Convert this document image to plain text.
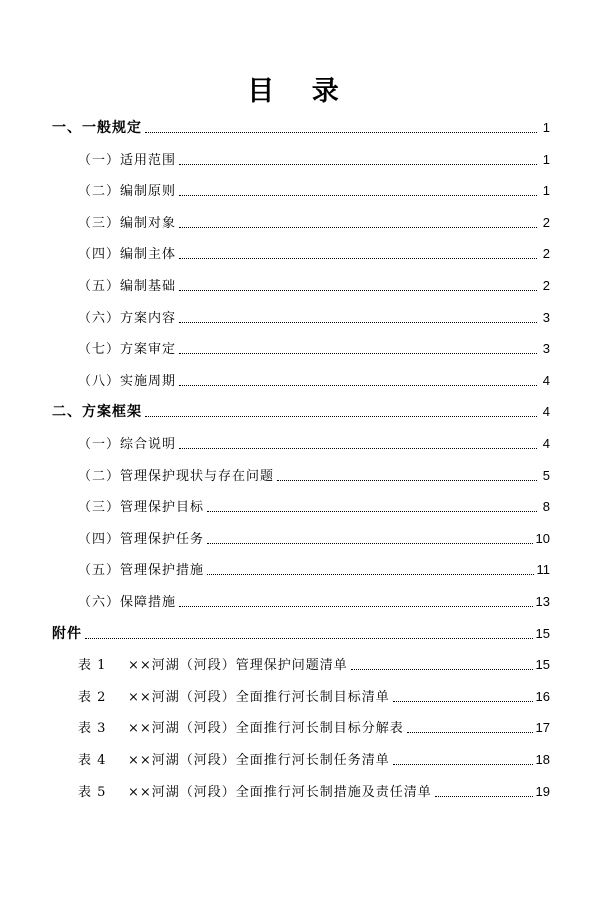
目 录
一、一般规定	1
（一）适用范围	1
（二）编制原则	1
（三）编制对象	2
（四）编制主体	2
（五）编制基础	2
（六）方案内容	3
（七）方案审定	3
（八）实施周期	4
二、方案框架	4
（一）综合说明	4
（二）管理保护现状与存在问题	5
（三）管理保护目标	8
（四）管理保护任务	10
（五）管理保护措施	11
（六）保障措施	13
附件	15
表 1	××河湖（河段）管理保护问题清单	15
表 2	××河湖（河段）全面推行河长制目标清单	16
表 3	××河湖（河段）全面推行河长制目标分解表	17
表 4	××河湖（河段）全面推行河长制任务清单	18
表 5	××河湖（河段）全面推行河长制措施及责任清单	19
